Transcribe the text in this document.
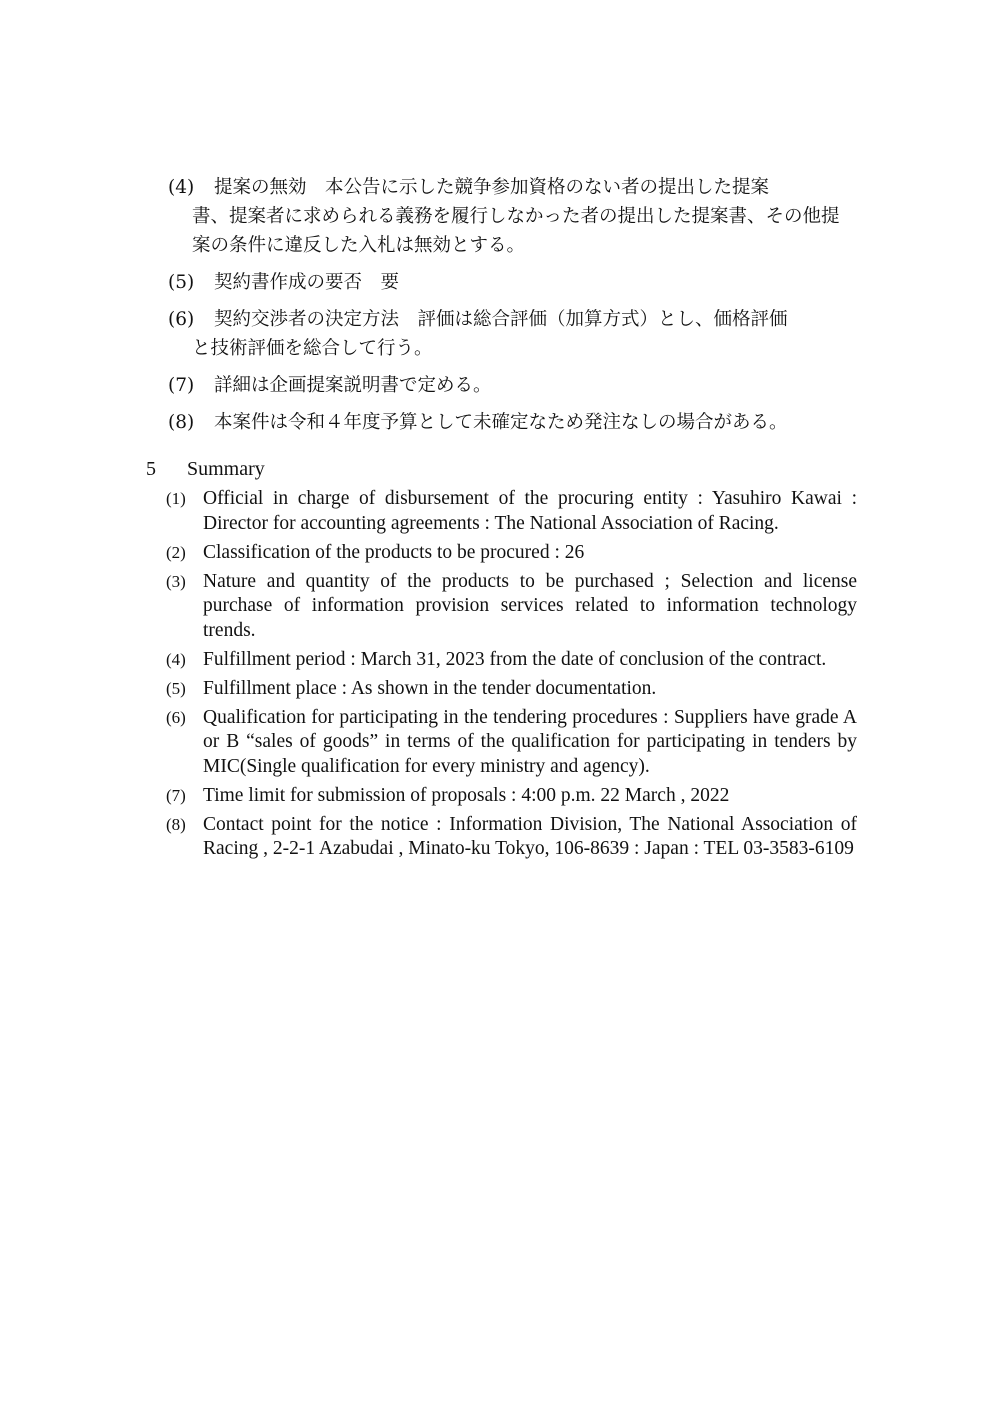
(4) 提案の無効　本公告に示した競争参加資格のない者の提出した提案
書、提案者に求められる義務を履行しなかった者の提出した提案書、その他提案の条件に違反した入札は無効とする。
(5) 契約書作成の要否　要
(6) 契約交渉者の決定方法　評価は総合評価（加算方式）とし、価格評価
と技術評価を総合して行う。
(7) 詳細は企画提案説明書で定める。
(8) 本案件は令和４年度予算として未確定なため発注なしの場合がある。
5 Summary
(1) Official in charge of disbursement of the procuring entity : Yasuhiro Kawai : Director for accounting agreements : The National Association of Racing.
(2) Classification of the products to be procured : 26
(3) Nature and quantity of the products to be purchased ; Selection and license purchase of information provision services related to information technology trends.
(4) Fulfillment period : March 31, 2023 from the date of conclusion of the contract.
(5) Fulfillment place : As shown in the tender documentation.
(6) Qualification for participating in the tendering procedures : Suppliers have grade A or B “sales of goods” in terms of the qualification for participating in tenders by MIC(Single qualification for every ministry and agency).
(7) Time limit for submission of proposals : 4:00 p.m. 22 March , 2022
(8) Contact point for the notice : Information Division, The National Association of Racing , 2-2-1 Azabudai , Minato-ku Tokyo, 106-8639 : Japan : TEL 03-3583-6109
